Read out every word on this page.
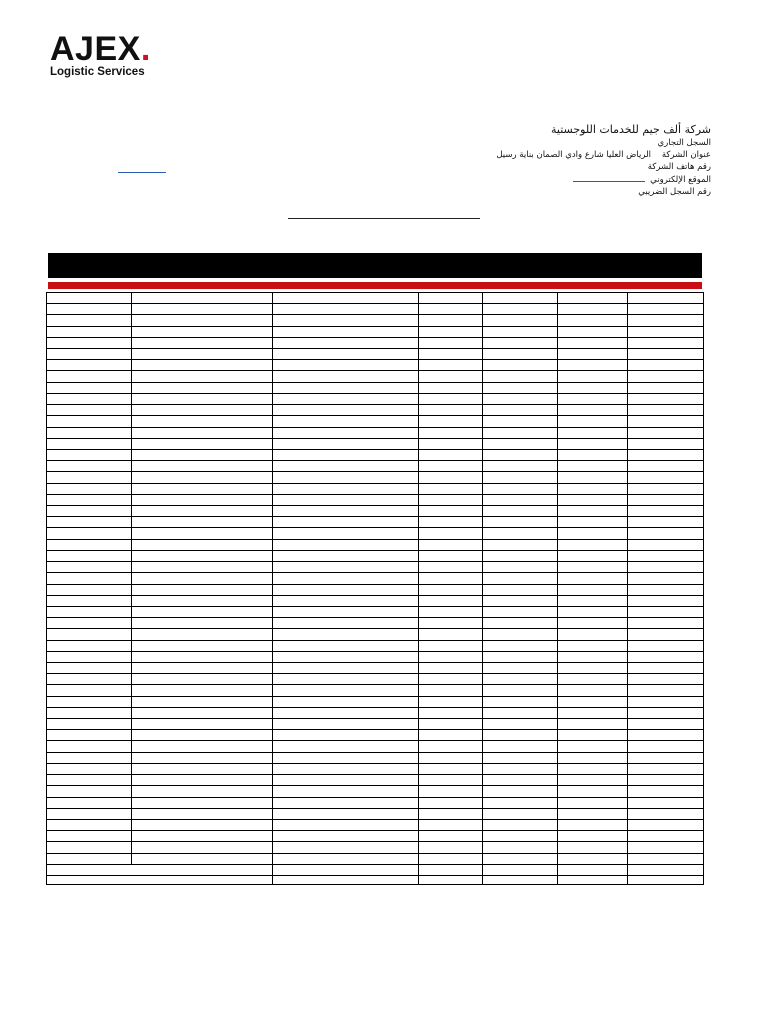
AJEX.
Logistic Services
شركة ألف جيم للخدمات اللوجستية
السجل التجاري
عنوان الشركة    الرياض العليا شارع وادي الصمان بناية رسيل
رقم هاتف الشركة
الموقع الإلكتروني
رقم السجل الضريبي
